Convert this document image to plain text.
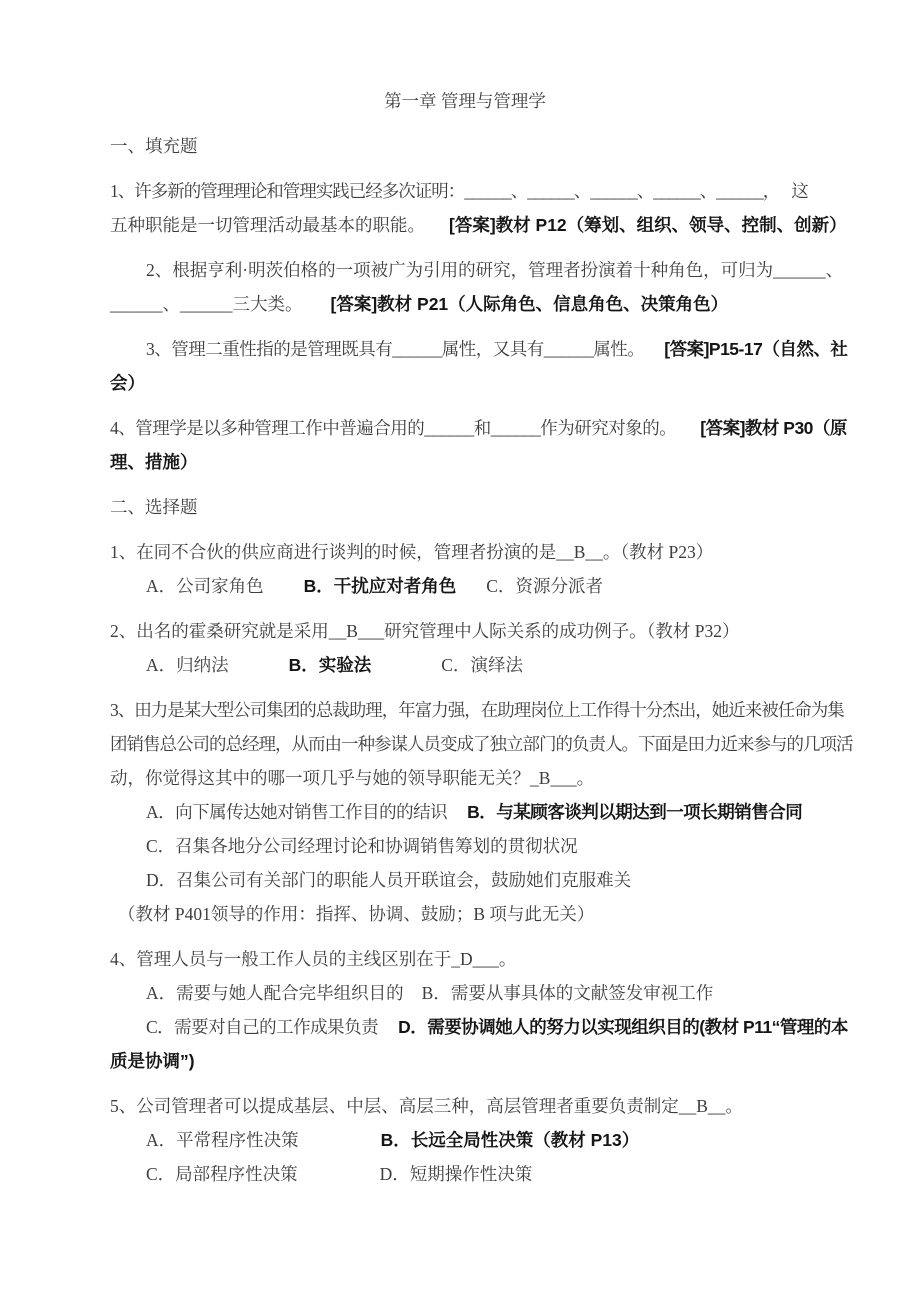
第一章 管理与管理学
一、填充题
1、许多新的管理理论和管理实践已经多次证明：______、______、______、______、______， 这
五种职能是一切管理活动最基本的职能。 [答案]教材 P12（筹划、组织、领导、控制、创新）
2、根据亨利·明茨伯格的一项被广为引用的研究，管理者扮演着十种角色，可归为______、
______、______三大类。 [答案]教材 P21（人际角色、信息角色、决策角色）
3、管理二重性指的是管理既具有______属性，又具有______属性。 [答案]P15-17（自然、社
会）
4、管理学是以多种管理工作中普遍合用的______和______作为研究对象的。 [答案]教材 P30（原
理、措施）
二、选择题
1、在同不合伙的供应商进行谈判的时候，管理者扮演的是__B__。（教材 P23）
A．公司家角色 B．干扰应对者角色 C．资源分派者
2、出名的霍桑研究就是采用__B___研究管理中人际关系的成功例子。（教材 P32）
A．归纳法	B．实验法	C．演绎法
3、田力是某大型公司集团的总裁助理，年富力强，在助理岗位上工作得十分杰出，她近来被任命为集
团销售总公司的总经理，从而由一种参谋人员变成了独立部门的负责人。下面是田力近来参与的几项活
动，你觉得这其中的哪一项几乎与她的领导职能无关？_B___。
A．向下属传达她对销售工作目的的结识 B．与某顾客谈判以期达到一项长期销售合同
C．召集各地分公司经理讨论和协调销售筹划的贯彻状况
D．召集公司有关部门的职能人员开联谊会，鼓励她们克服难关
（教材 P401领导的作用：指挥、协调、鼓励；B 项与此无关）
4、管理人员与一般工作人员的主线区别在于_D___。
A．需要与她人配合完毕组织目的 B．需要从事具体的文献签发审视工作
C．需要对自己的工作成果负责 D．需要协调她人的努力以实现组织目的(教材 P11“管理的本
质是协调”)
5、公司管理者可以提成基层、中层、高层三种，高层管理者重要负责制定__B__。
A．平常程序性决策	B．长远全局性决策（教材 P13）
C．局部程序性决策	D．短期操作性决策
